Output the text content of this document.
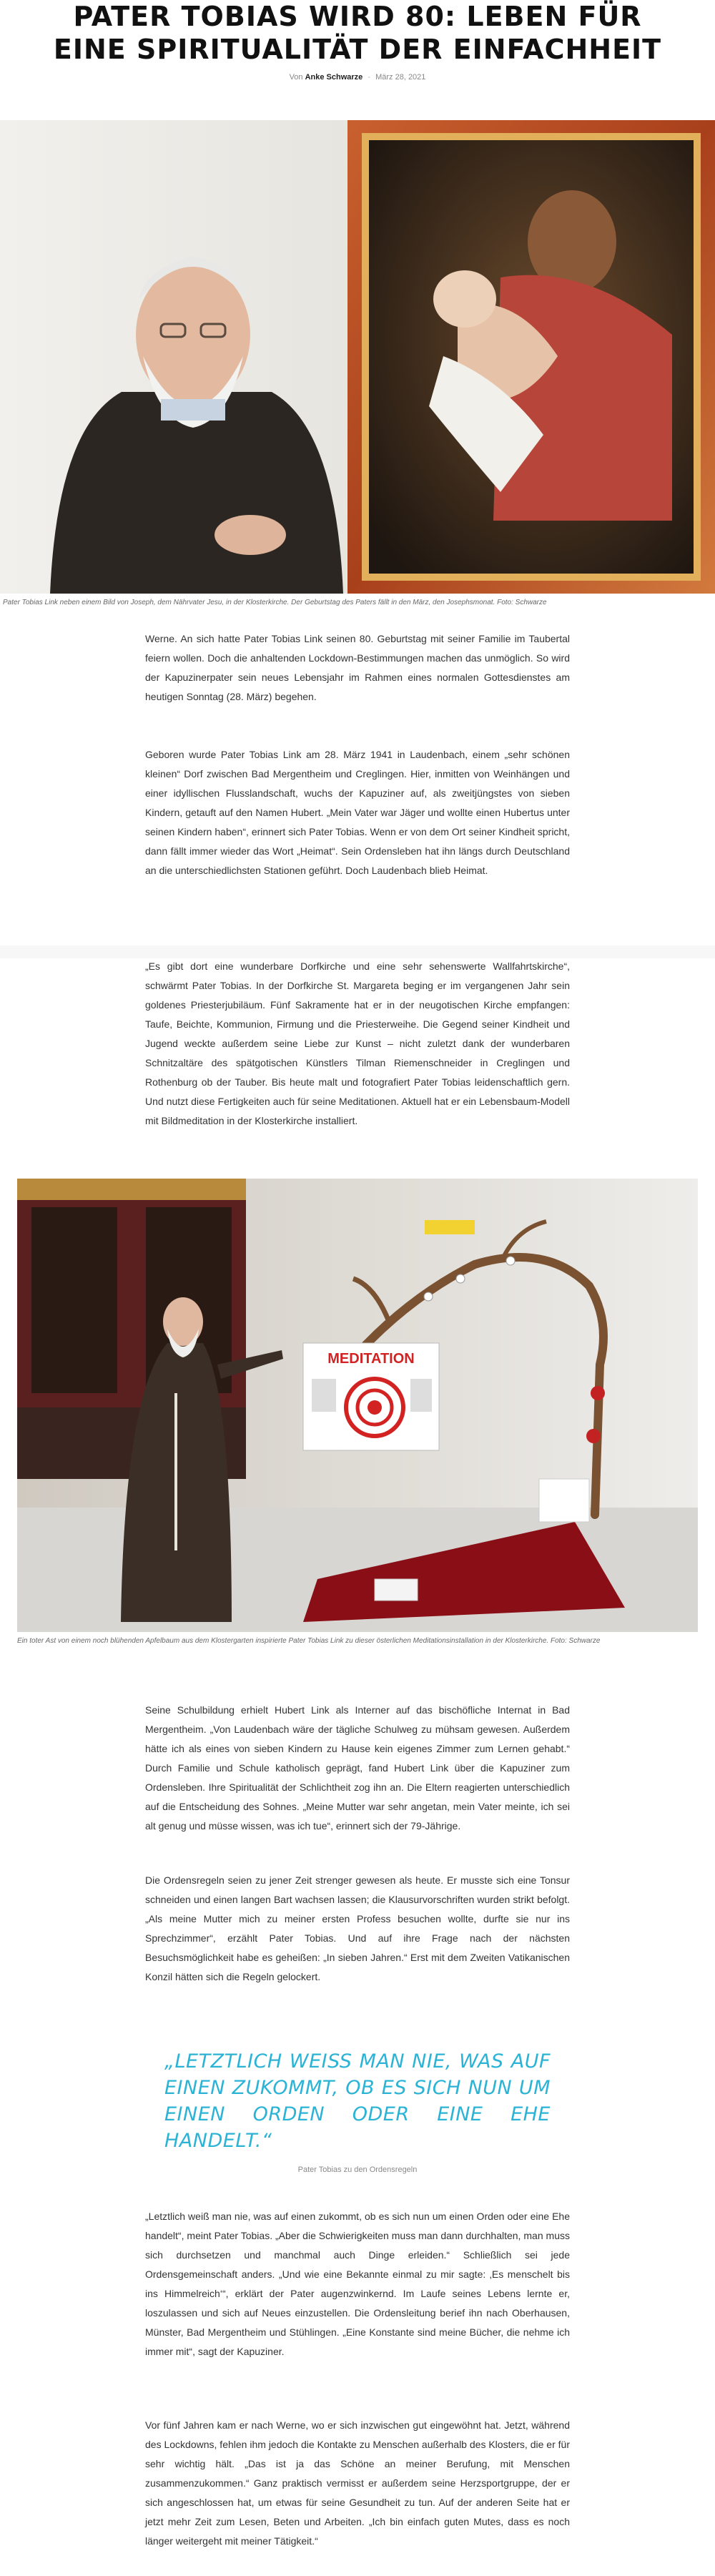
PATER TOBIAS WIRD 80: LEBEN FÜR EINE SPIRITUALITÄT DER EINFACHHEIT
Von Anke Schwarze - März 28, 2021
Pater Tobias Link neben einem Bild von Joseph, dem Nährvater Jesu, in der Klosterkirche. Der Geburtstag des Paters fällt in den März, den Josephsmonat. Foto: Schwarze

Werne. An sich hatte Pater Tobias Link seinen 80. Geburtstag mit seiner Familie im Taubertal feiern wollen. Doch die anhaltenden Lockdown-Bestimmungen machen das unmöglich. So wird der Kapuzinerpater sein neues Lebensjahr im Rahmen eines normalen Gottesdienstes am heutigen Sonntag (28. März) begehen.

Geboren wurde Pater Tobias Link am 28. März 1941 in Laudenbach, einem „sehr schönen kleinen“ Dorf zwischen Bad Mergentheim und Creglingen. Hier, inmitten von Weinhängen und einer idyllischen Flusslandschaft, wuchs der Kapuziner auf, als zweitjüngstes von sieben Kindern, getauft auf den Namen Hubert. „Mein Vater war Jäger und wollte einen Hubertus unter seinen Kindern haben“, erinnert sich Pater Tobias. Wenn er von dem Ort seiner Kindheit spricht, dann fällt immer wieder das Wort „Heimat“. Sein Ordensleben hat ihn längs durch Deutschland an die unterschiedlichsten Stationen geführt. Doch Laudenbach blieb Heimat.

„Es gibt dort eine wunderbare Dorfkirche und eine sehr sehenswerte Wallfahrtskirche“, schwärmt Pater Tobias. In der Dorfkirche St. Margareta beging er im vergangenen Jahr sein goldenes Priesterjubiläum. Fünf Sakramente hat er in der neugotischen Kirche empfangen: Taufe, Beichte, Kommunion, Firmung und die Priesterweihe. Die Gegend seiner Kindheit und Jugend weckte außerdem seine Liebe zur Kunst – nicht zuletzt dank der wunderbaren Schnitzaltäre des spätgotischen Künstlers Tilman Riemenschneider in Creglingen und Rothenburg ob der Tauber. Bis heute malt und fotografiert Pater Tobias leidenschaftlich gern. Und nutzt diese Fertigkeiten auch für seine Meditationen. Aktuell hat er ein Lebensbaum-Modell mit Bildmeditation in der Klosterkirche installiert.

MEDITATION
Ein toter Ast von einem noch blühenden Apfelbaum aus dem Klostergarten inspirierte Pater Tobias Link zu dieser österlichen Meditationsinstallation in der Klosterkirche. Foto: Schwarze

Seine Schulbildung erhielt Hubert Link als Interner auf das bischöfliche Internat in Bad Mergentheim. „Von Laudenbach wäre der tägliche Schulweg zu mühsam gewesen. Außerdem hätte ich als eines von sieben Kindern zu Hause kein eigenes Zimmer zum Lernen gehabt.“ Durch Familie und Schule katholisch geprägt, fand Hubert Link über die Kapuziner zum Ordensleben. Ihre Spiritualität der Schlichtheit zog ihn an. Die Eltern reagierten unterschiedlich auf die Entscheidung des Sohnes. „Meine Mutter war sehr angetan, mein Vater meinte, ich sei alt genug und müsse wissen, was ich tue“, erinnert sich der 79-Jährige.

Die Ordensregeln seien zu jener Zeit strenger gewesen als heute. Er musste sich eine Tonsur schneiden und einen langen Bart wachsen lassen; die Klausurvorschriften wurden strikt befolgt. „Als meine Mutter mich zu meiner ersten Profess besuchen wollte, durfte sie nur ins Sprechzimmer“, erzählt Pater Tobias. Und auf ihre Frage nach der nächsten Besuchsmöglichkeit habe es geheißen: „In sieben Jahren.“ Erst mit dem Zweiten Vatikanischen Konzil hätten sich die Regeln gelockert.

„LETZTLICH WEISS MAN NIE, WAS AUF EINEN ZUKOMMT, OB ES SICH NUN UM EINEN ORDEN ODER EINE EHE HANDELT.“
Pater Tobias zu den Ordensregeln

„Letztlich weiß man nie, was auf einen zukommt, ob es sich nun um einen Orden oder eine Ehe handelt“, meint Pater Tobias. „Aber die Schwierigkeiten muss man dann durchhalten, man muss sich durchsetzen und manchmal auch Dinge erleiden.“ Schließlich sei jede Ordensgemeinschaft anders. „Und wie eine Bekannte einmal zu mir sagte: ‚Es menschelt bis ins Himmelreich‘“, erklärt der Pater augenzwinkernd. Im Laufe seines Lebens lernte er, loszulassen und sich auf Neues einzustellen. Die Ordensleitung berief ihn nach Oberhausen, Münster, Bad Mergentheim und Stühlingen. „Eine Konstante sind meine Bücher, die nehme ich immer mit“, sagt der Kapuziner.

Vor fünf Jahren kam er nach Werne, wo er sich inzwischen gut eingewöhnt hat. Jetzt, während des Lockdowns, fehlen ihm jedoch die Kontakte zu Menschen außerhalb des Klosters, die er für sehr wichtig hält. „Das ist ja das Schöne an meiner Berufung, mit Menschen zusammenzukommen.“ Ganz praktisch vermisst er außerdem seine Herzsportgruppe, der er sich angeschlossen hat, um etwas für seine Gesundheit zu tun. Auf der anderen Seite hat er jetzt mehr Zeit zum Lesen, Beten und Arbeiten. „Ich bin einfach guten Mutes, dass es noch länger weitergeht mit meiner Tätigkeit.“
